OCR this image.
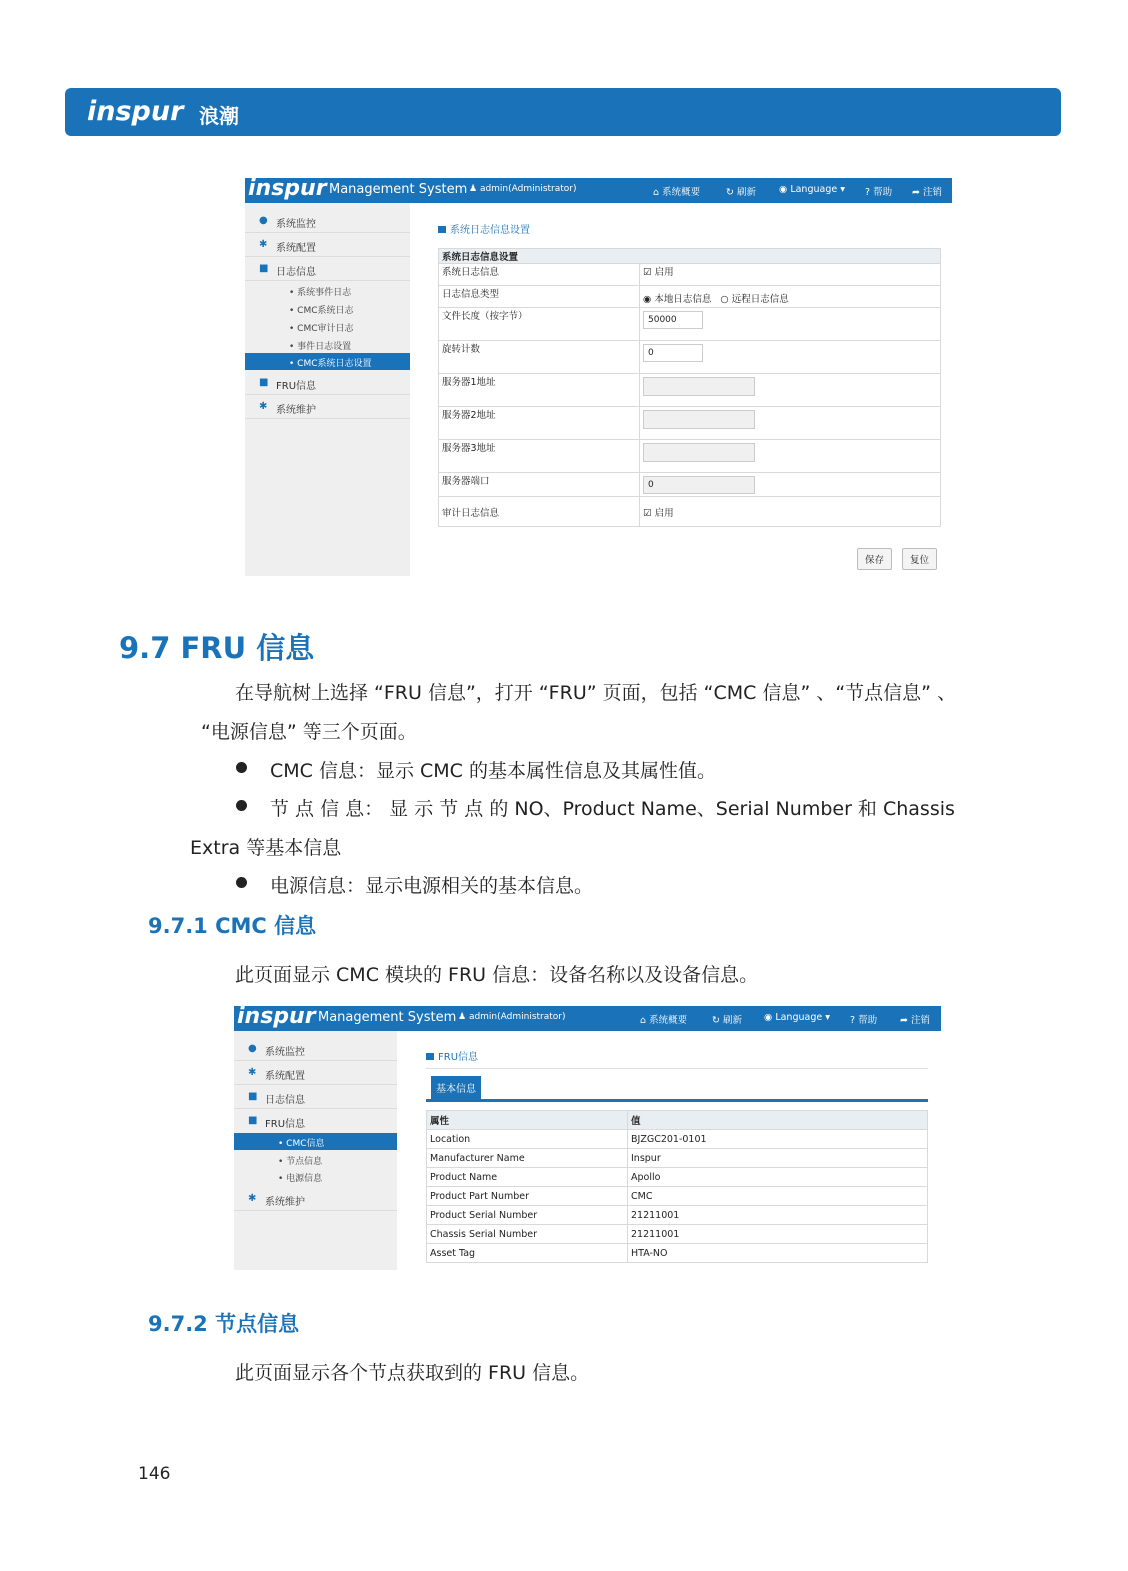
inspur 浪潮
inspur Management System ♟ admin(Administrator)	⌂ 系统概要	↻ 刷新 ◉ Language ▾ ? 帮助 ➦ 注销
● 系统监控
✱ 系统配置
■ 日志信息
• 系统事件日志
• CMC系统日志
• CMC审计日志
• 事件日志设置
• CMC系统日志设置
■ FRU信息
✱ 系统维护
系统日志信息设置
系统日志信息设置	
系统日志信息	☑ 启用
日志信息类型	◉ 本地日志信息 ○ 远程日志信息
文件长度（按字节）	50000
旋转计数	0
服务器1地址	
服务器2地址	
服务器3地址	
服务器端口	0
审计日志信息	☑ 启用
保存	复位
9.7 FRU 信息
在导航树上选择 “FRU 信息”，打开 “FRU” 页面，包括 “CMC 信息” 、“节点信息” 、
“电源信息” 等三个页面。
CMC 信息：显示 CMC 的基本属性信息及其属性值。
节 点 信 息： 显 示 节 点 的 NO、Product Name、Serial Number 和 Chassis
Extra 等基本信息
电源信息：显示电源相关的基本信息。
9.7.1 CMC 信息
此页面显示 CMC 模块的 FRU 信息：设备名称以及设备信息。
inspur Management System ♟ admin(Administrator)	⌂ 系统概要	↻ 刷新 ◉ Language ▾ ? 帮助 ➦ 注销
● 系统监控
✱ 系统配置
■ 日志信息
■ FRU信息
• CMC信息
• 节点信息
• 电源信息
✱ 系统维护
FRU信息
基本信息
属性	值
Location	BJZGC201-0101
Manufacturer Name	Inspur
Product Name	Apollo
Product Part Number	CMC
Product Serial Number	21211001
Chassis Serial Number	21211001
Asset Tag	HTA-NO
9.7.2 节点信息
此页面显示各个节点获取到的 FRU 信息。
146
